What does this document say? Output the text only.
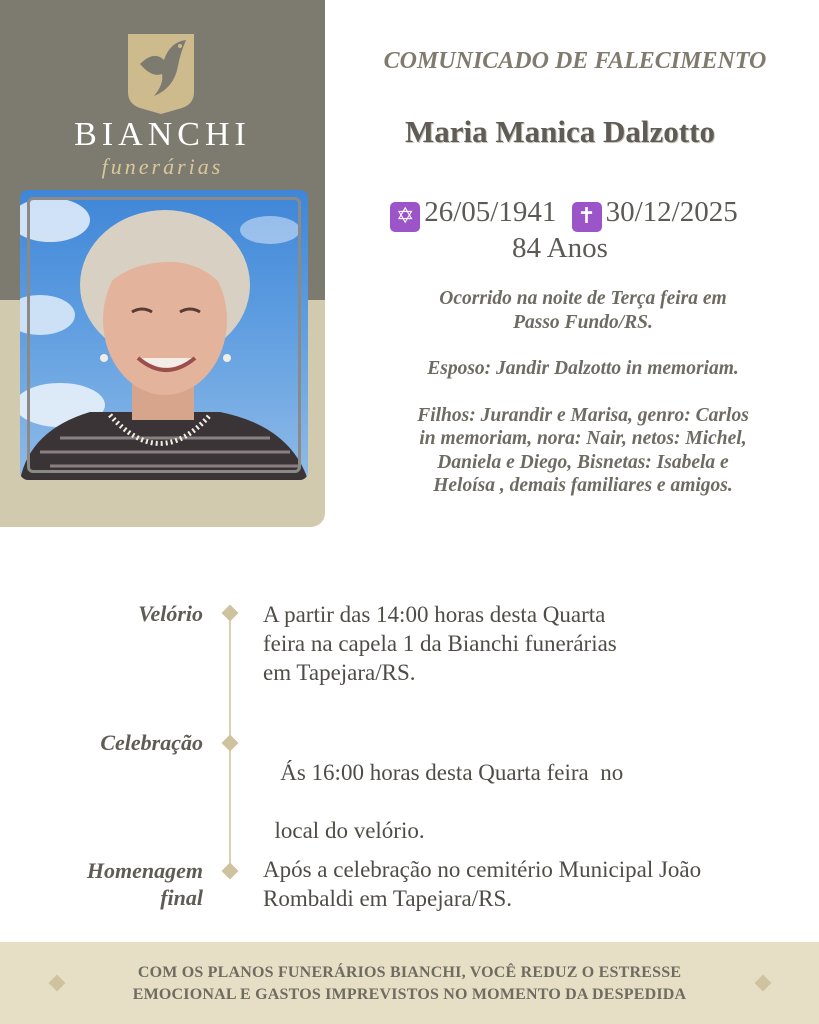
BIANCHI
funerárias
COMUNICADO DE FALECIMENTO
Maria Manica Dalzotto
✡ 26/05/1941 ✝ 30/12/2025
84 Anos

Ocorrido na noite de Terça feira em
Passo Fundo/RS.

Esposo: Jandir Dalzotto in memoriam.

Filhos: Jurandir e Marisa, genro: Carlos
in memoriam, nora: Nair, netos: Michel,
Daniela e Diego, Bisnetas: Isabela e
Heloísa , demais familiares e amigos.

Velório	A partir das 14:00 horas desta Quarta
feira na capela 1 da Bianchi funerárias
em Tapejara/RS.
Celebração

Ás 16:00 horas desta Quarta feira  no

local do velório.

Homenagem
final
Após a celebração no cemitério Municipal João
Rombaldi em Tapejara/RS.
COM OS PLANOS FUNERÁRIOS BIANCHI, VOCÊ REDUZ O ESTRESSE
EMOCIONAL E GASTOS IMPREVISTOS NO MOMENTO DA DESPEDIDA
